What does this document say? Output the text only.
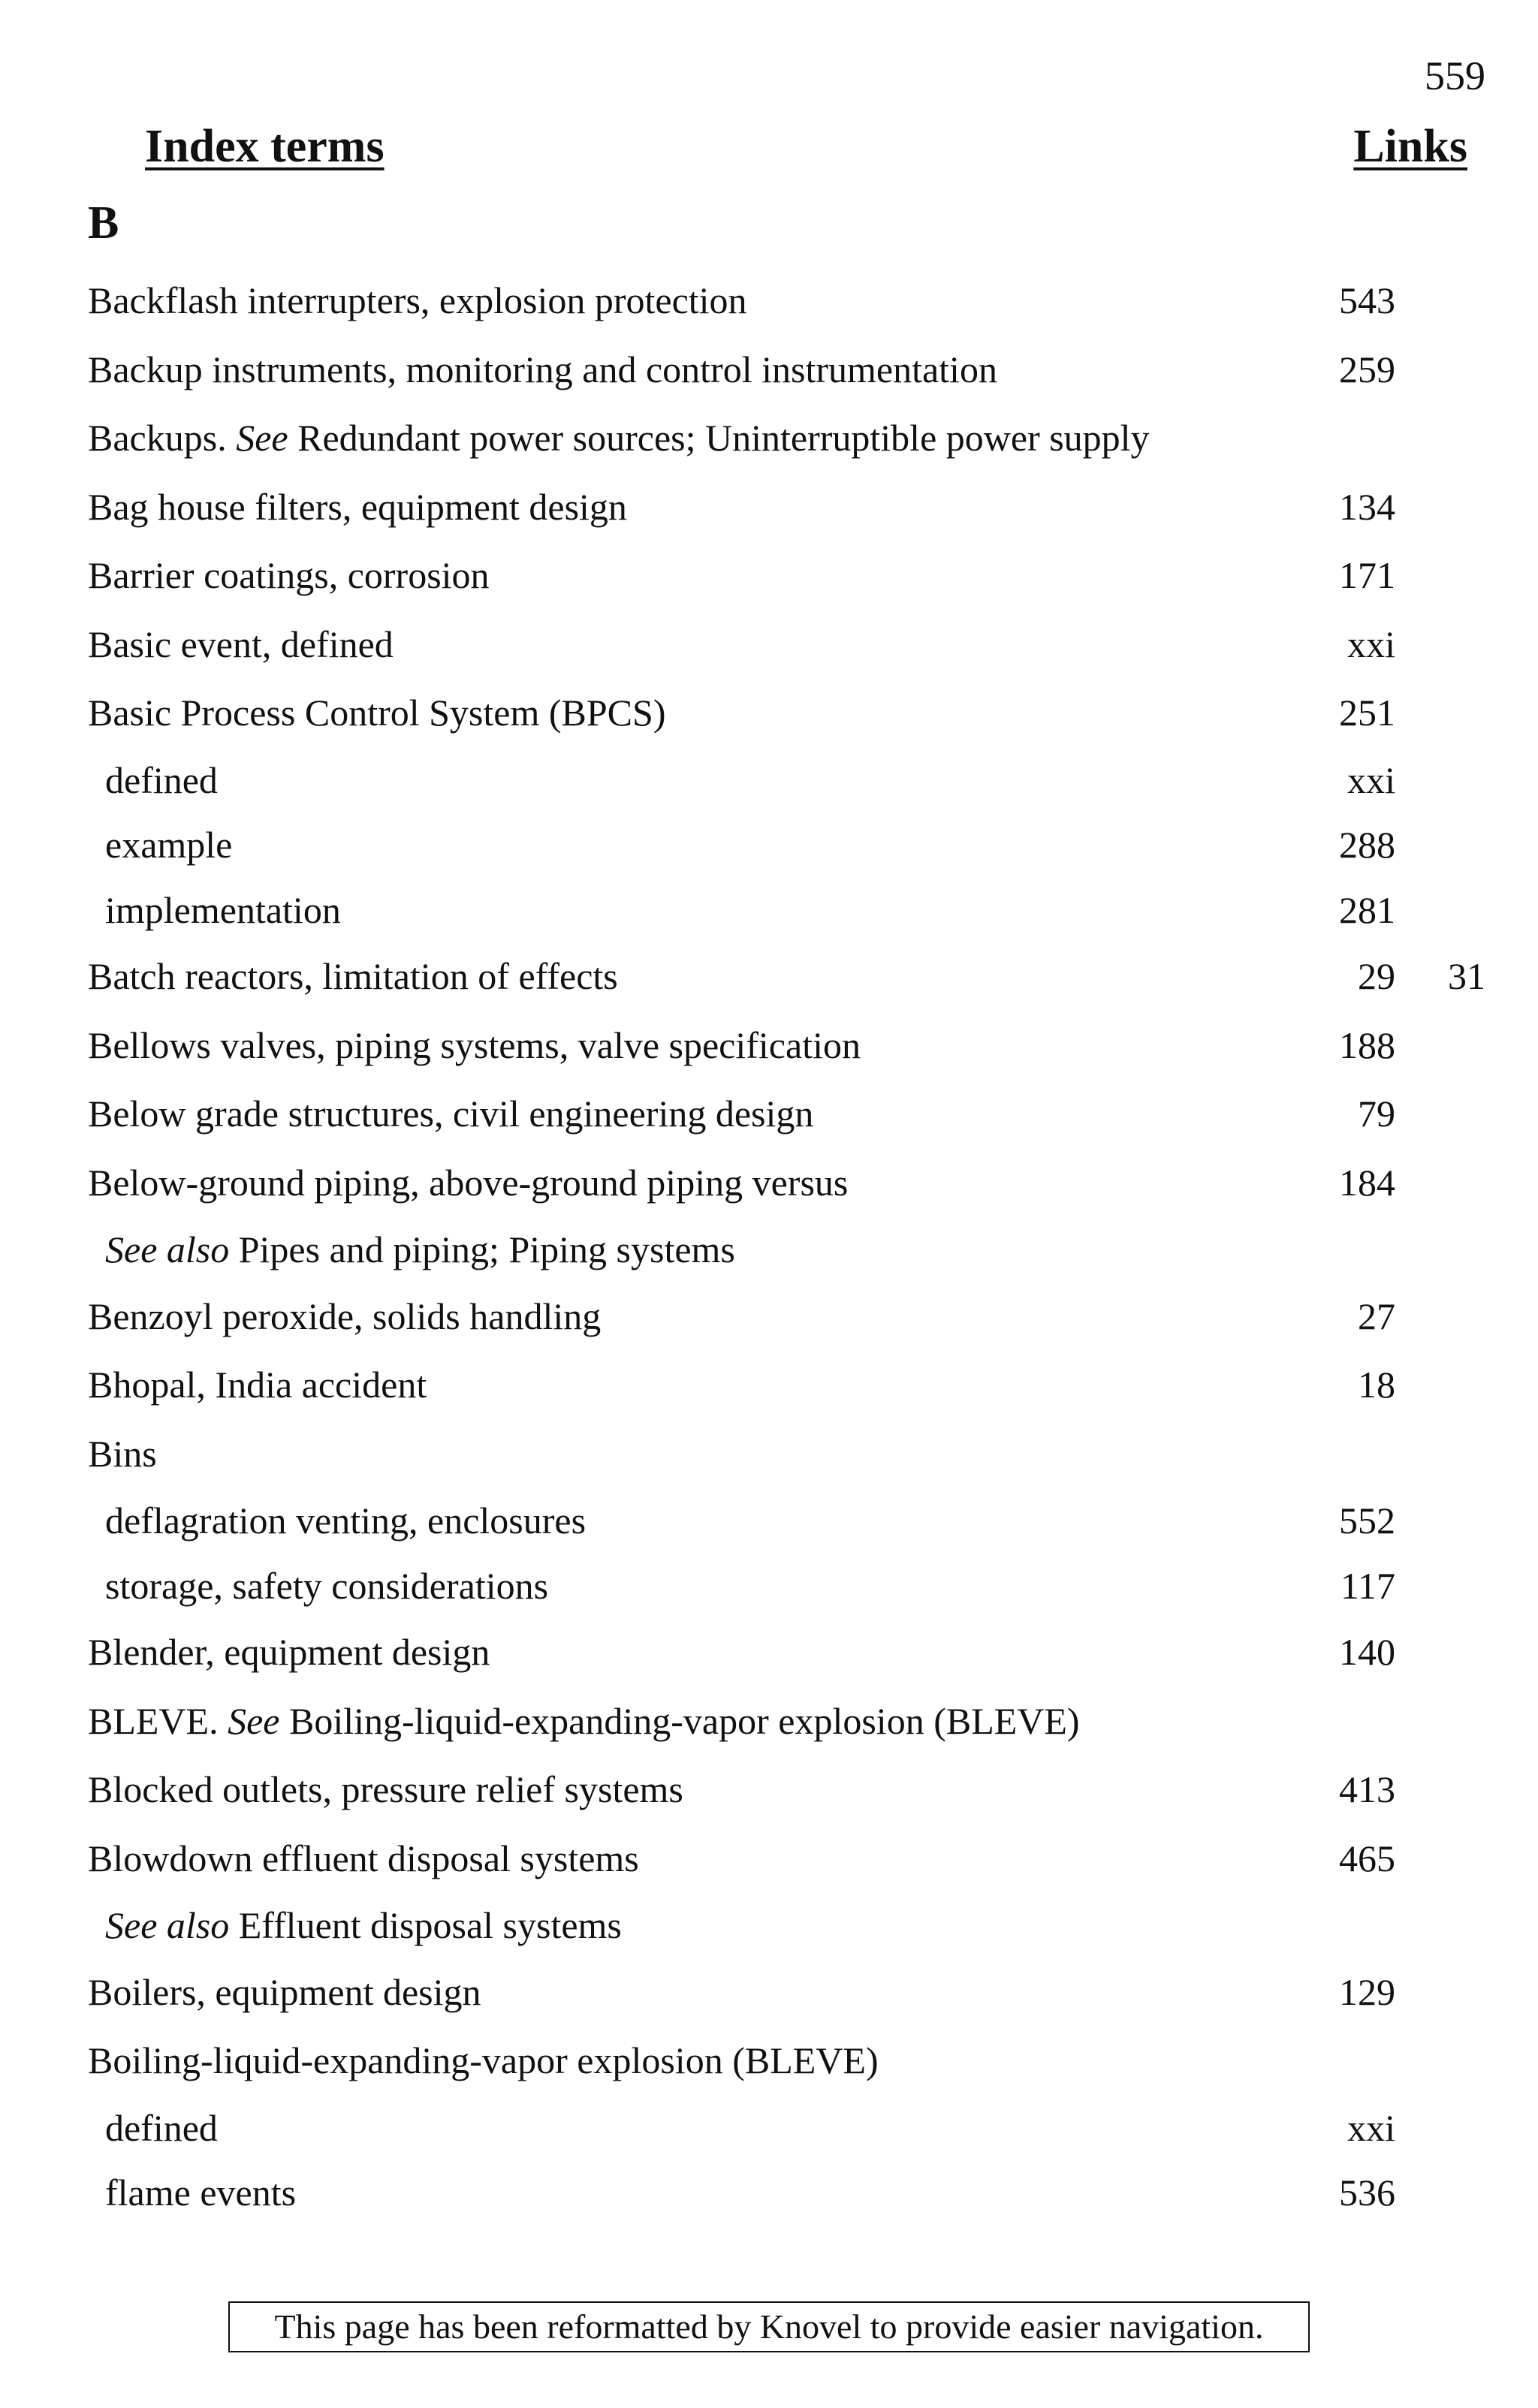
559
Index terms	Links
B
Backflash interrupters, explosion protection	543
Backup instruments, monitoring and control instrumentation	259
Backups. See Redundant power sources; Uninterruptible power supply
Bag house filters, equipment design	134
Barrier coatings, corrosion	171
Basic event, defined	xxi
Basic Process Control System (BPCS)	251
defined	xxi
example	288
implementation	281
Batch reactors, limitation of effects	29 31
Bellows valves, piping systems, valve specification	188
Below grade structures, civil engineering design	79
Below-ground piping, above-ground piping versus	184
See also Pipes and piping; Piping systems
Benzoyl peroxide, solids handling	27
Bhopal, India accident	18
Bins
deflagration venting, enclosures	552
storage, safety considerations	117
Blender, equipment design	140
BLEVE. See Boiling-liquid-expanding-vapor explosion (BLEVE)
Blocked outlets, pressure relief systems	413
Blowdown effluent disposal systems	465
See also Effluent disposal systems
Boilers, equipment design	129
Boiling-liquid-expanding-vapor explosion (BLEVE)
defined	xxi
flame events	536
This page has been reformatted by Knovel to provide easier navigation.
